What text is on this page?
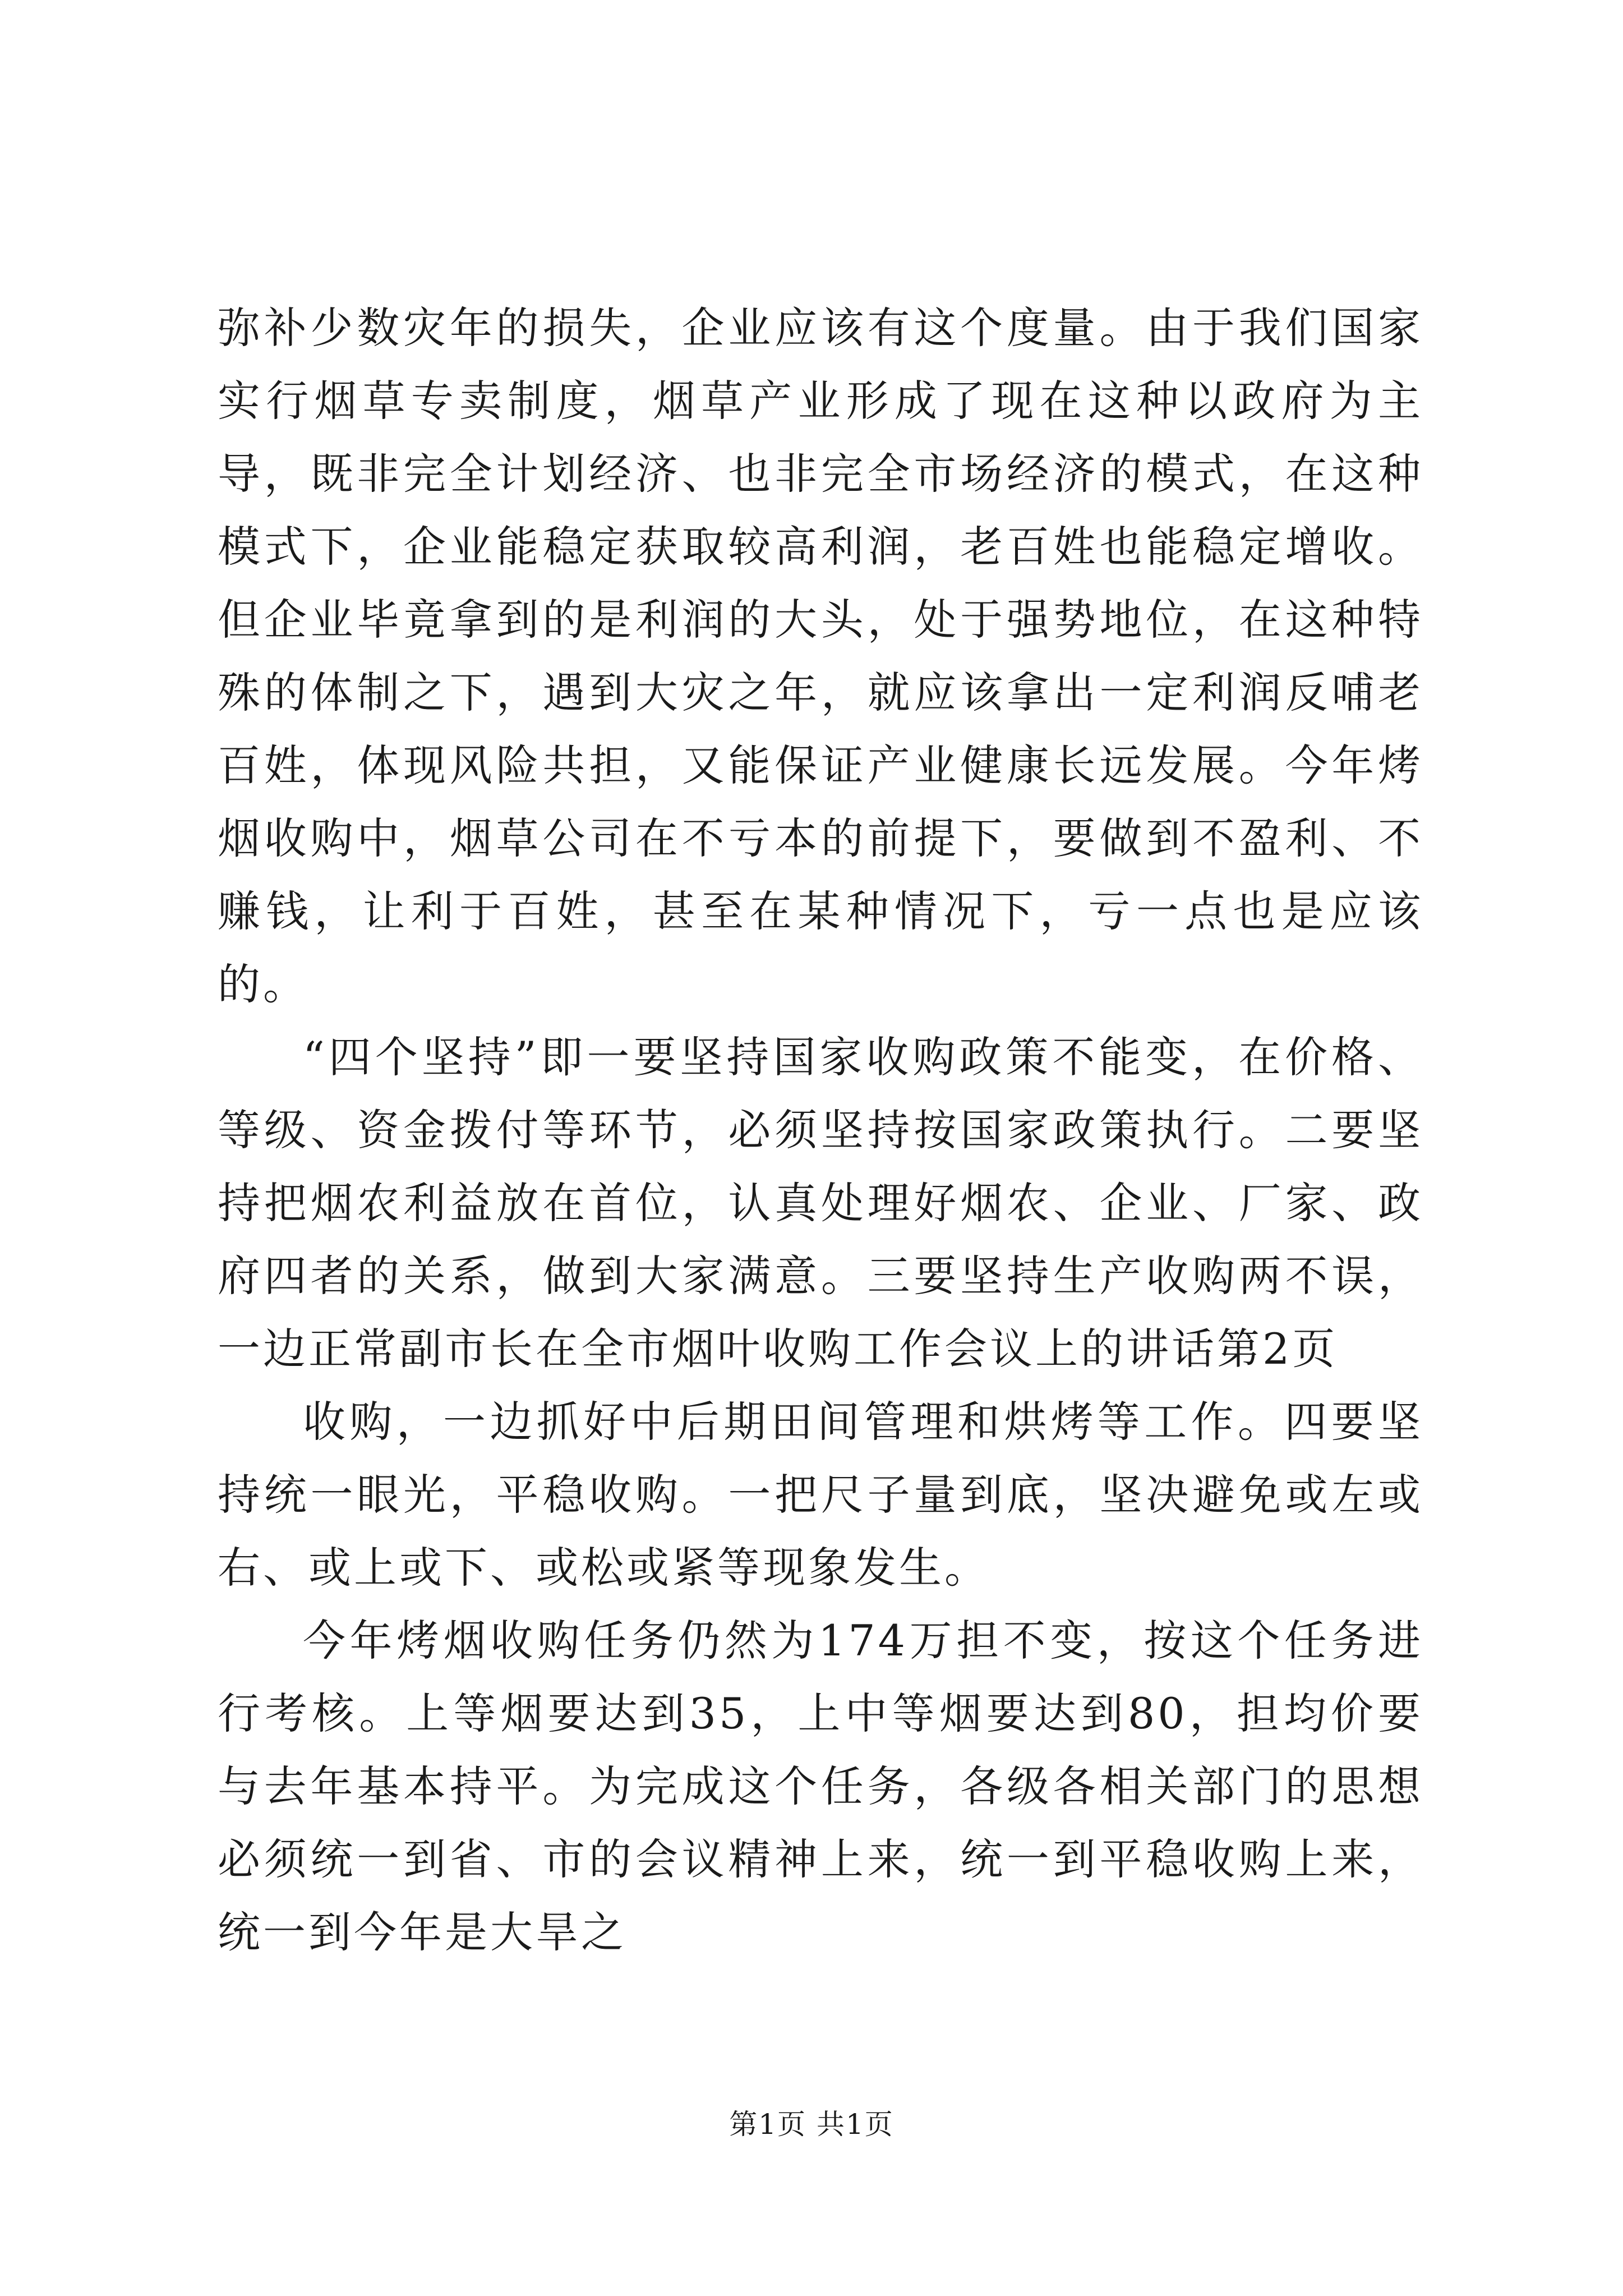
弥补少数灾年的损失，企业应该有这个度量。由于我们国家实行烟草专卖制度，烟草产业形成了现在这种以政府为主导，既非完全计划经济、也非完全市场经济的模式，在这种模式下，企业能稳定获取较高利润，老百姓也能稳定增收。但企业毕竟拿到的是利润的大头，处于强势地位，在这种特殊的体制之下，遇到大灾之年，就应该拿出一定利润反哺老百姓，体现风险共担，又能保证产业健康长远发展。今年烤烟收购中，烟草公司在不亏本的前提下，要做到不盈利、不赚钱，让利于百姓，甚至在某种情况下，亏一点也是应该的。

“四个坚持”即一要坚持国家收购政策不能变，在价格、等级、资金拨付等环节，必须坚持按国家政策执行。二要坚持把烟农利益放在首位，认真处理好烟农、企业、厂家、政府四者的关系，做到大家满意。三要坚持生产收购两不误，一边正常副市长在全市烟叶收购工作会议上的讲话第2页

收购，一边抓好中后期田间管理和烘烤等工作。四要坚持统一眼光，平稳收购。一把尺子量到底，坚决避免或左或右、或上或下、或松或紧等现象发生。

今年烤烟收购任务仍然为174万担不变，按这个任务进行考核。上等烟要达到35，上中等烟要达到80，担均价要与去年基本持平。为完成这个任务，各级各相关部门的思想必须统一到省、市的会议精神上来，统一到平稳收购上来，统一到今年是大旱之

第1页 共1页
